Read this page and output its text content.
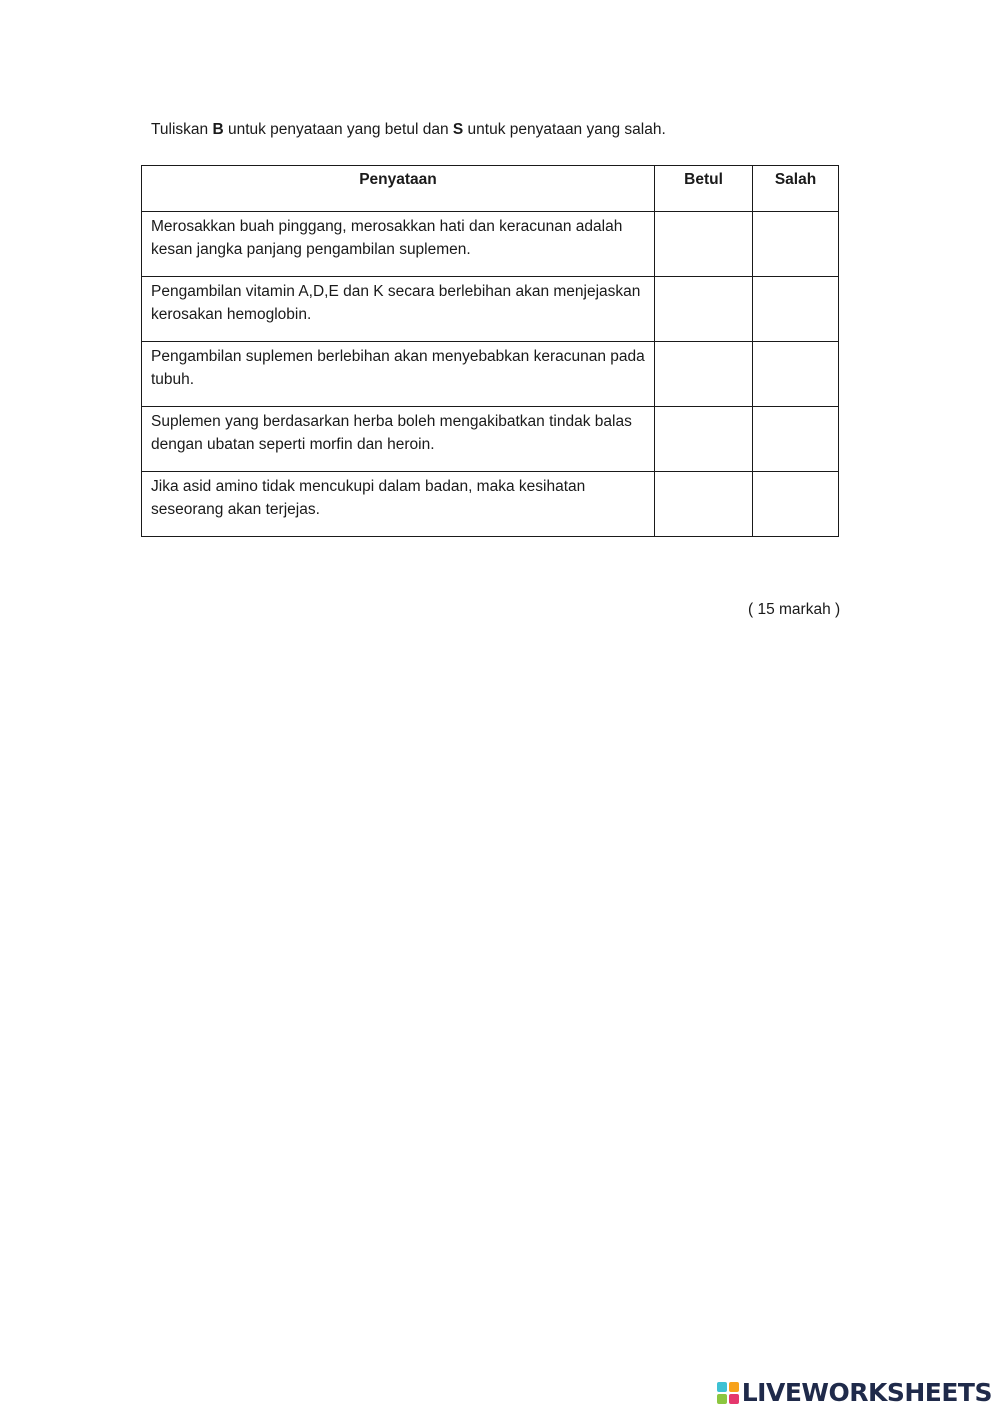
Tuliskan B untuk penyataan yang betul dan S untuk penyataan yang salah.
Penyataan	Betul	Salah
Merosakkan buah pinggang, merosakkan hati dan keracunan adalah kesan jangka panjang pengambilan suplemen.		
Pengambilan vitamin A,D,E dan K secara berlebihan akan menjejaskan kerosakan hemoglobin.		
Pengambilan suplemen berlebihan akan menyebabkan keracunan pada tubuh.		
Suplemen yang berdasarkan herba boleh mengakibatkan tindak balas dengan ubatan seperti morfin dan heroin.		
Jika asid amino tidak mencukupi dalam badan, maka kesihatan seseorang akan terjejas.		
( 15 markah )
LIVEWORKSHEETS
